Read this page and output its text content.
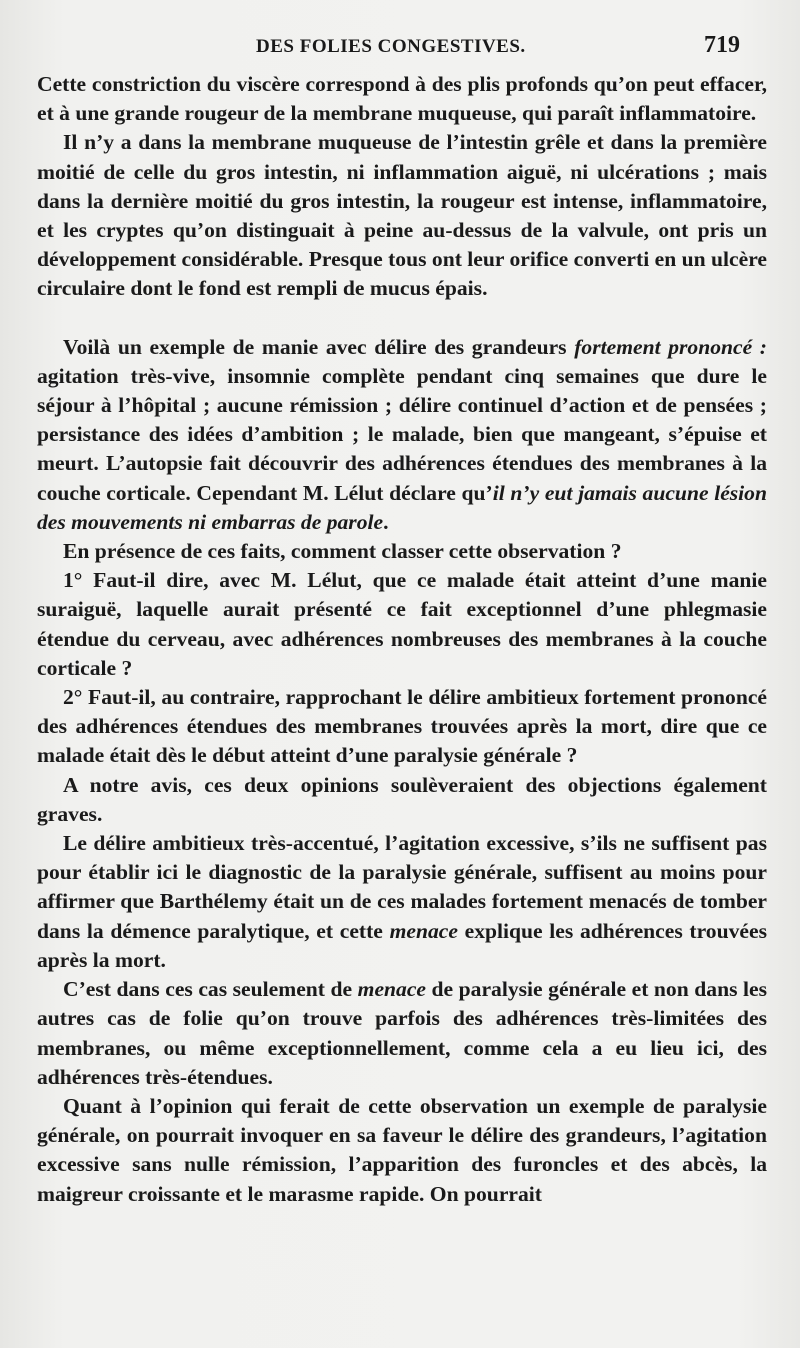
DES FOLIES CONGESTIVES.	719

Cette constriction du viscère correspond à des plis profonds qu’on peut effacer, et à une grande rougeur de la membrane muqueuse, qui paraît inflammatoire.

Il n’y a dans la membrane muqueuse de l’intestin grêle et dans la première moitié de celle du gros intestin, ni inflammation aiguë, ni ulcérations ; mais dans la dernière moitié du gros intestin, la rougeur est intense, inflammatoire, et les cryptes qu’on distinguait à peine au-dessus de la valvule, ont pris un développement considérable. Presque tous ont leur orifice converti en un ulcère circulaire dont le fond est rempli de mucus épais.

Voilà un exemple de manie avec délire des grandeurs fortement prononcé : agitation très-vive, insomnie complète pendant cinq semaines que dure le séjour à l’hôpital ; aucune rémission ; délire continuel d’action et de pensées ; persistance des idées d’ambition ; le malade, bien que mangeant, s’épuise et meurt. L’autopsie fait découvrir des adhérences étendues des membranes à la couche corticale. Cependant M. Lélut déclare qu’il n’y eut jamais aucune lésion des mouvements ni embarras de parole.

En présence de ces faits, comment classer cette observation ?

1° Faut-il dire, avec M. Lélut, que ce malade était atteint d’une manie suraiguë, laquelle aurait présenté ce fait exceptionnel d’une phlegmasie étendue du cerveau, avec adhérences nombreuses des membranes à la couche corticale ?

2° Faut-il, au contraire, rapprochant le délire ambitieux fortement prononcé des adhérences étendues des membranes trouvées après la mort, dire que ce malade était dès le début atteint d’une paralysie générale ?

A notre avis, ces deux opinions soulèveraient des objections également graves.

Le délire ambitieux très-accentué, l’agitation excessive, s’ils ne suffisent pas pour établir ici le diagnostic de la paralysie générale, suffisent au moins pour affirmer que Barthélemy était un de ces malades fortement menacés de tomber dans la démence paralytique, et cette menace explique les adhérences trouvées après la mort.

C’est dans ces cas seulement de menace de paralysie générale et non dans les autres cas de folie qu’on trouve parfois des adhérences très-limitées des membranes, ou même exceptionnellement, comme cela a eu lieu ici, des adhérences très-étendues.

Quant à l’opinion qui ferait de cette observation un exemple de paralysie générale, on pourrait invoquer en sa faveur le délire des grandeurs, l’agitation excessive sans nulle rémission, l’apparition des furoncles et des abcès, la maigreur croissante et le marasme rapide. On pourrait
